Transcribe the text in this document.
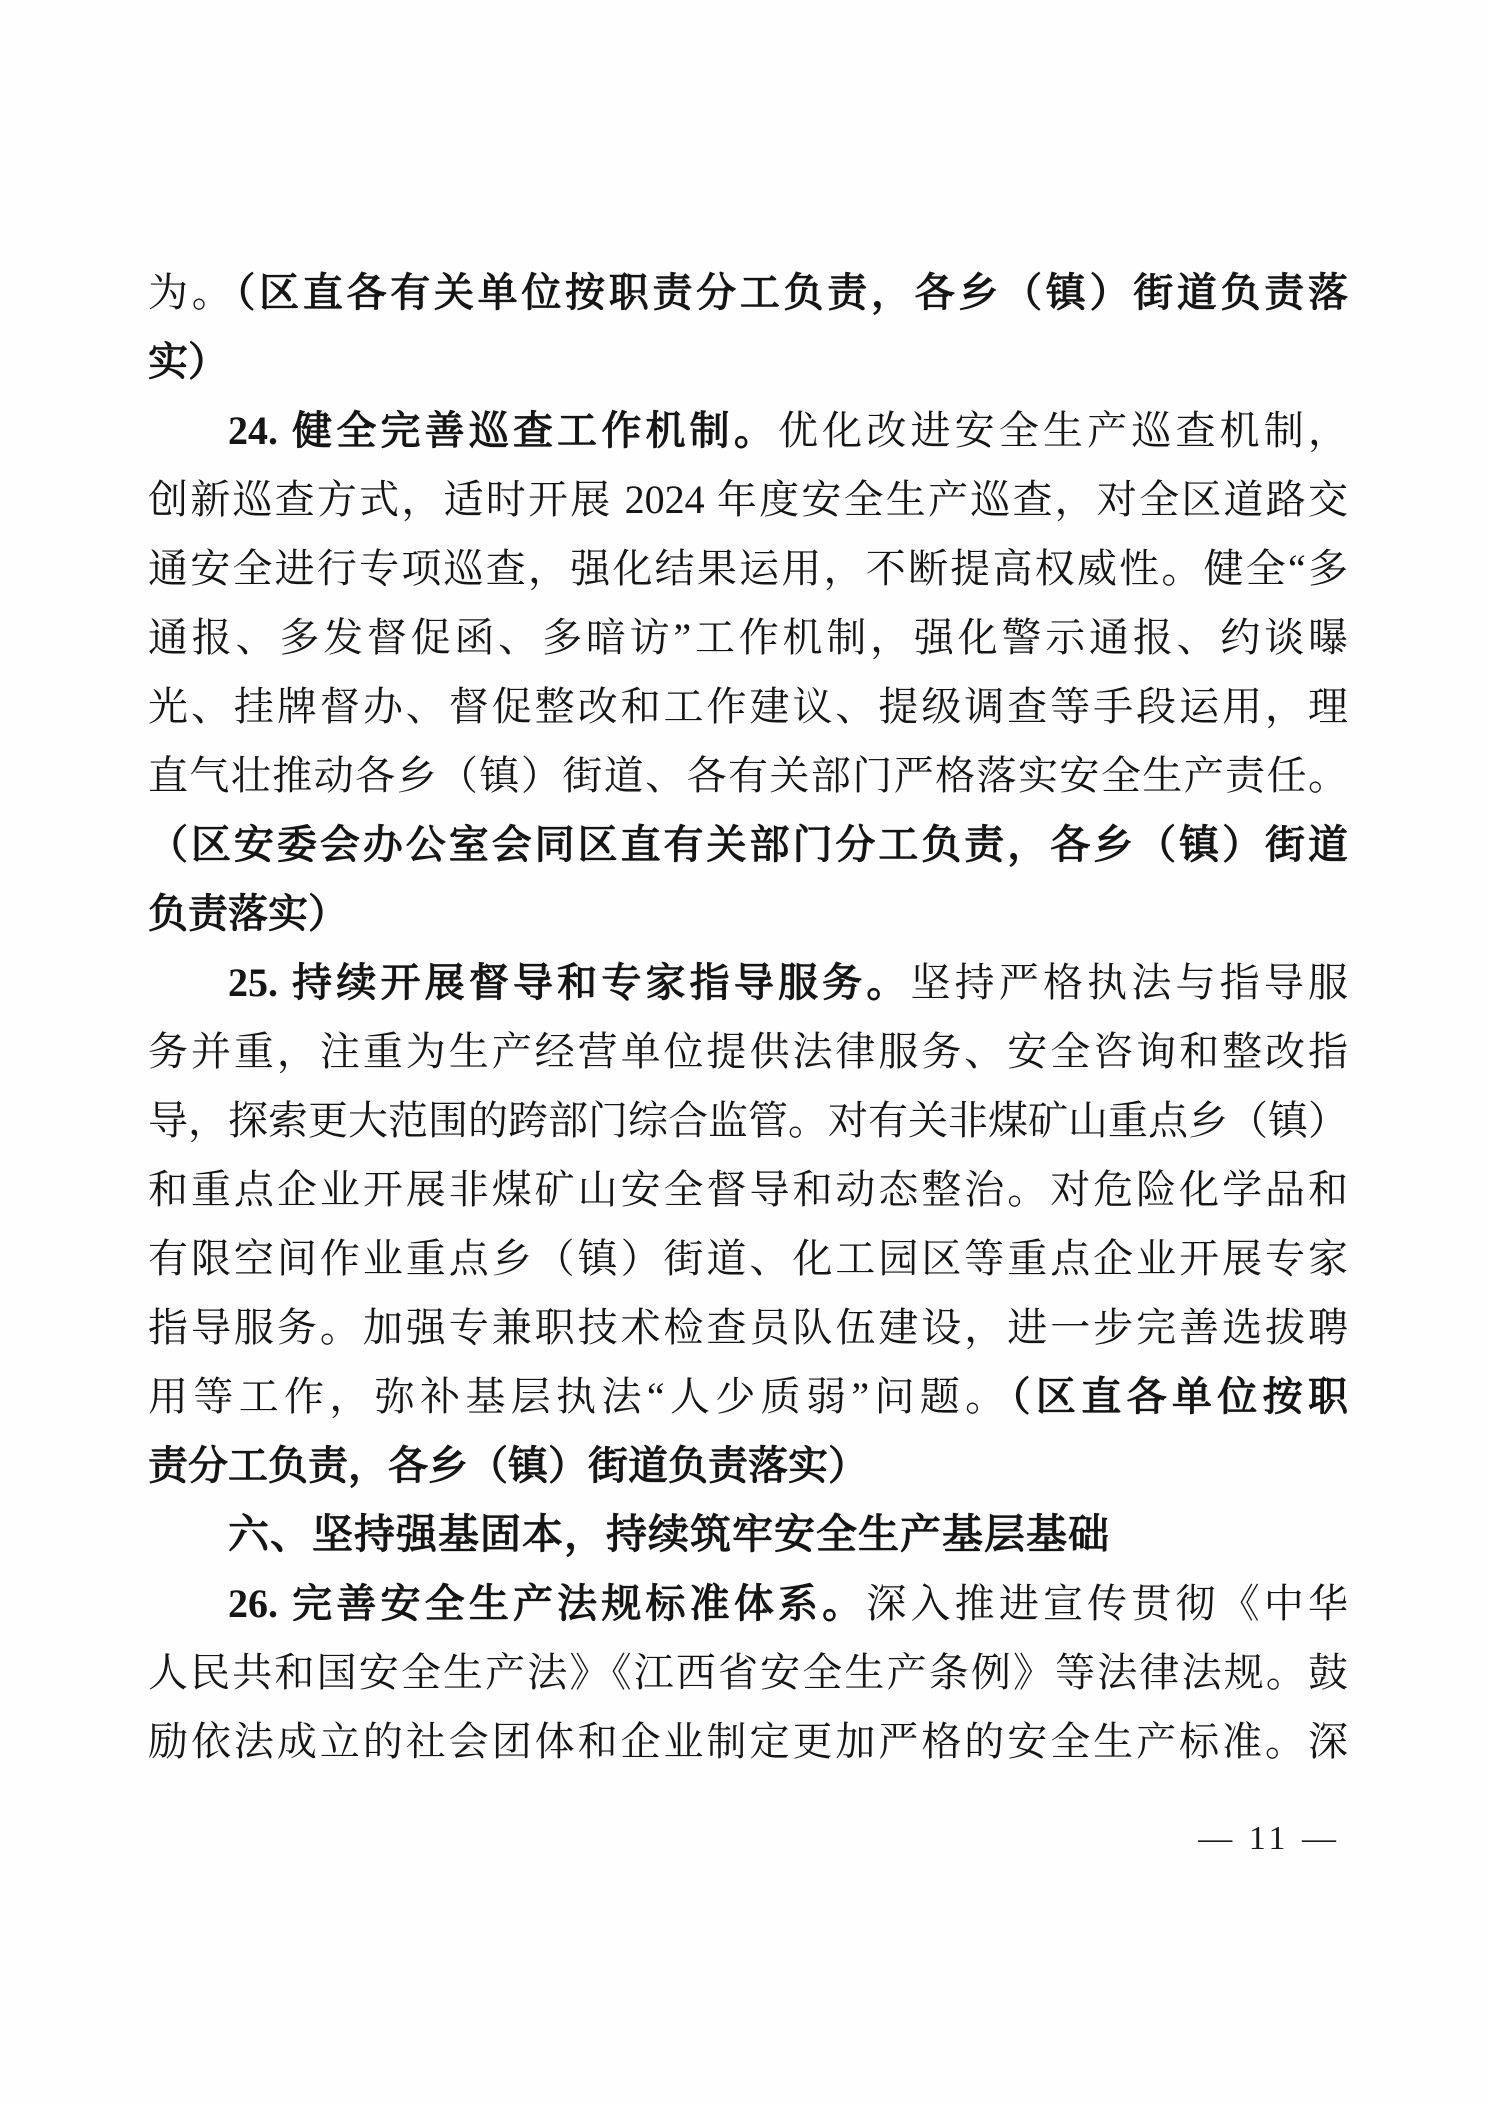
为。（区直各有关单位按职责分工负责，各乡（镇）街道负责落
实）
24. 健全完善巡查工作机制。优化改进安全生产巡查机制，
创新巡查方式，适时开展 2024 年度安全生产巡查，对全区道路交
通安全进行专项巡查，强化结果运用，不断提高权威性。健全“多
通报、多发督促函、多暗访”工作机制，强化警示通报、约谈曝
光、挂牌督办、督促整改和工作建议、提级调查等手段运用，理
直气壮推动各乡（镇）街道、各有关部门严格落实安全生产责任。
（区安委会办公室会同区直有关部门分工负责，各乡（镇）街道
负责落实）
25. 持续开展督导和专家指导服务。坚持严格执法与指导服
务并重，注重为生产经营单位提供法律服务、安全咨询和整改指
导，探索更大范围的跨部门综合监管。对有关非煤矿山重点乡（镇）
和重点企业开展非煤矿山安全督导和动态整治。对危险化学品和
有限空间作业重点乡（镇）街道、化工园区等重点企业开展专家
指导服务。加强专兼职技术检查员队伍建设，进一步完善选拔聘
用等工作，弥补基层执法“人少质弱”问题。（区直各单位按职
责分工负责，各乡（镇）街道负责落实）
六、坚持强基固本，持续筑牢安全生产基层基础
26. 完善安全生产法规标准体系。深入推进宣传贯彻《中华
人民共和国安全生产法》《江西省安全生产条例》等法律法规。鼓
励依法成立的社会团体和企业制定更加严格的安全生产标准。深
— 11 —
